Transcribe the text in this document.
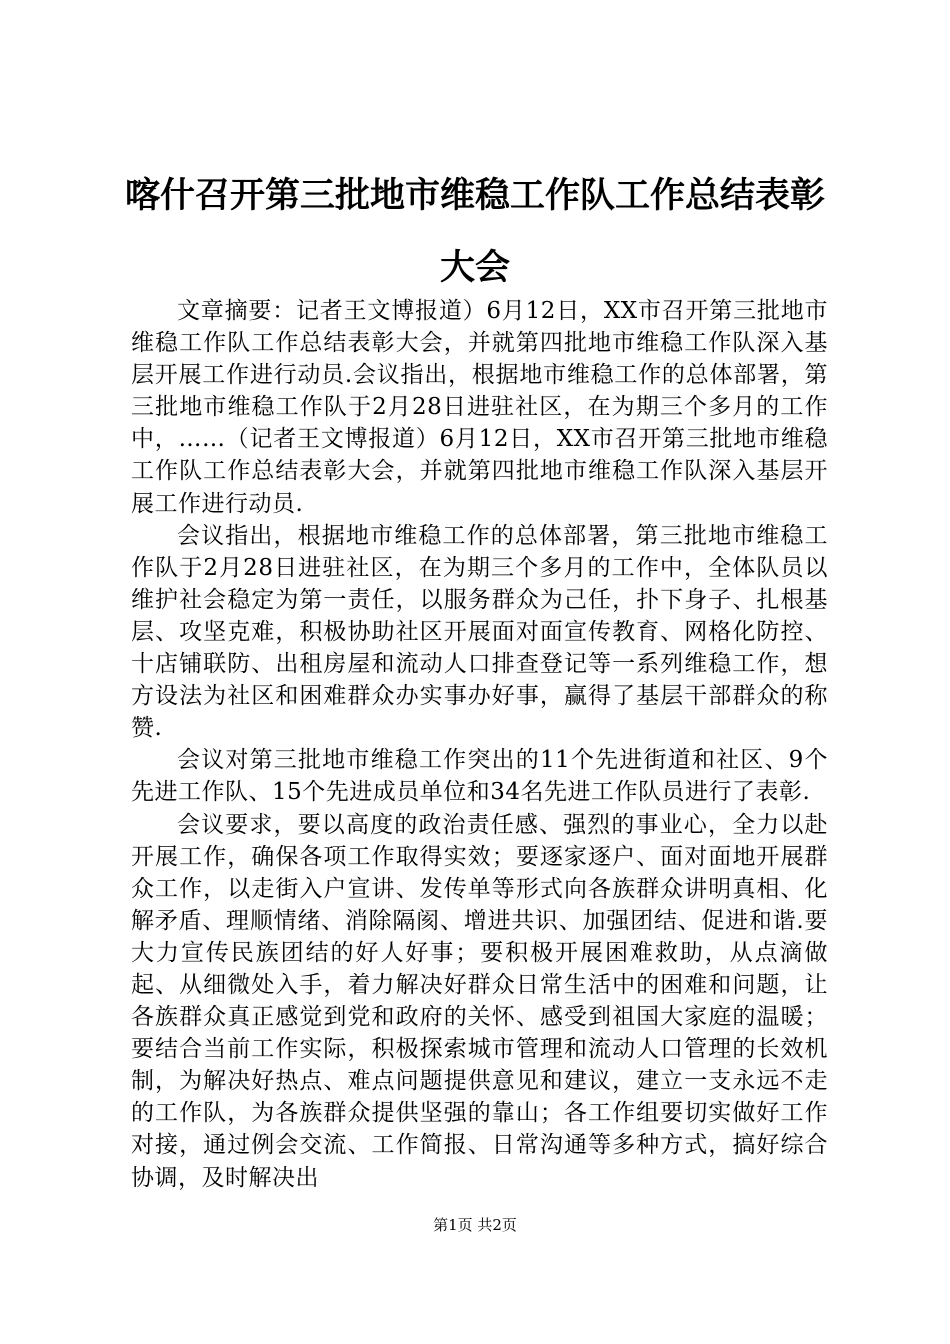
喀什召开第三批地市维稳工作队工作总结表彰
大会

文章摘要：记者王文博报道）6月12日，XX市召开第三批地市维稳工作队工作总结表彰大会，并就第四批地市维稳工作队深入基层开展工作进行动员.会议指出，根据地市维稳工作的总体部署，第三批地市维稳工作队于2月28日进驻社区，在为期三个多月的工作中，……（记者王文博报道）6月12日，XX市召开第三批地市维稳工作队工作总结表彰大会，并就第四批地市维稳工作队深入基层开展工作进行动员.

会议指出，根据地市维稳工作的总体部署，第三批地市维稳工作队于2月28日进驻社区，在为期三个多月的工作中，全体队员以维护社会稳定为第一责任，以服务群众为己任，扑下身子、扎根基层、攻坚克难，积极协助社区开展面对面宣传教育、网格化防控、十店铺联防、出租房屋和流动人口排查登记等一系列维稳工作，想方设法为社区和困难群众办实事办好事，赢得了基层干部群众的称赞.

会议对第三批地市维稳工作突出的11个先进街道和社区、9个先进工作队、15个先进成员单位和34名先进工作队员进行了表彰.

会议要求，要以高度的政治责任感、强烈的事业心，全力以赴开展工作，确保各项工作取得实效；要逐家逐户、面对面地开展群众工作，以走街入户宣讲、发传单等形式向各族群众讲明真相、化解矛盾、理顺情绪、消除隔阂、增进共识、加强团结、促进和谐.要大力宣传民族团结的好人好事；要积极开展困难救助，从点滴做起、从细微处入手，着力解决好群众日常生活中的困难和问题，让各族群众真正感觉到党和政府的关怀、感受到祖国大家庭的温暖；要结合当前工作实际，积极探索城市管理和流动人口管理的长效机制，为解决好热点、难点问题提供意见和建议，建立一支永远不走的工作队，为各族群众提供坚强的靠山；各工作组要切实做好工作对接，通过例会交流、工作简报、日常沟通等多种方式，搞好综合协调，及时解决出

第1页 共2页
